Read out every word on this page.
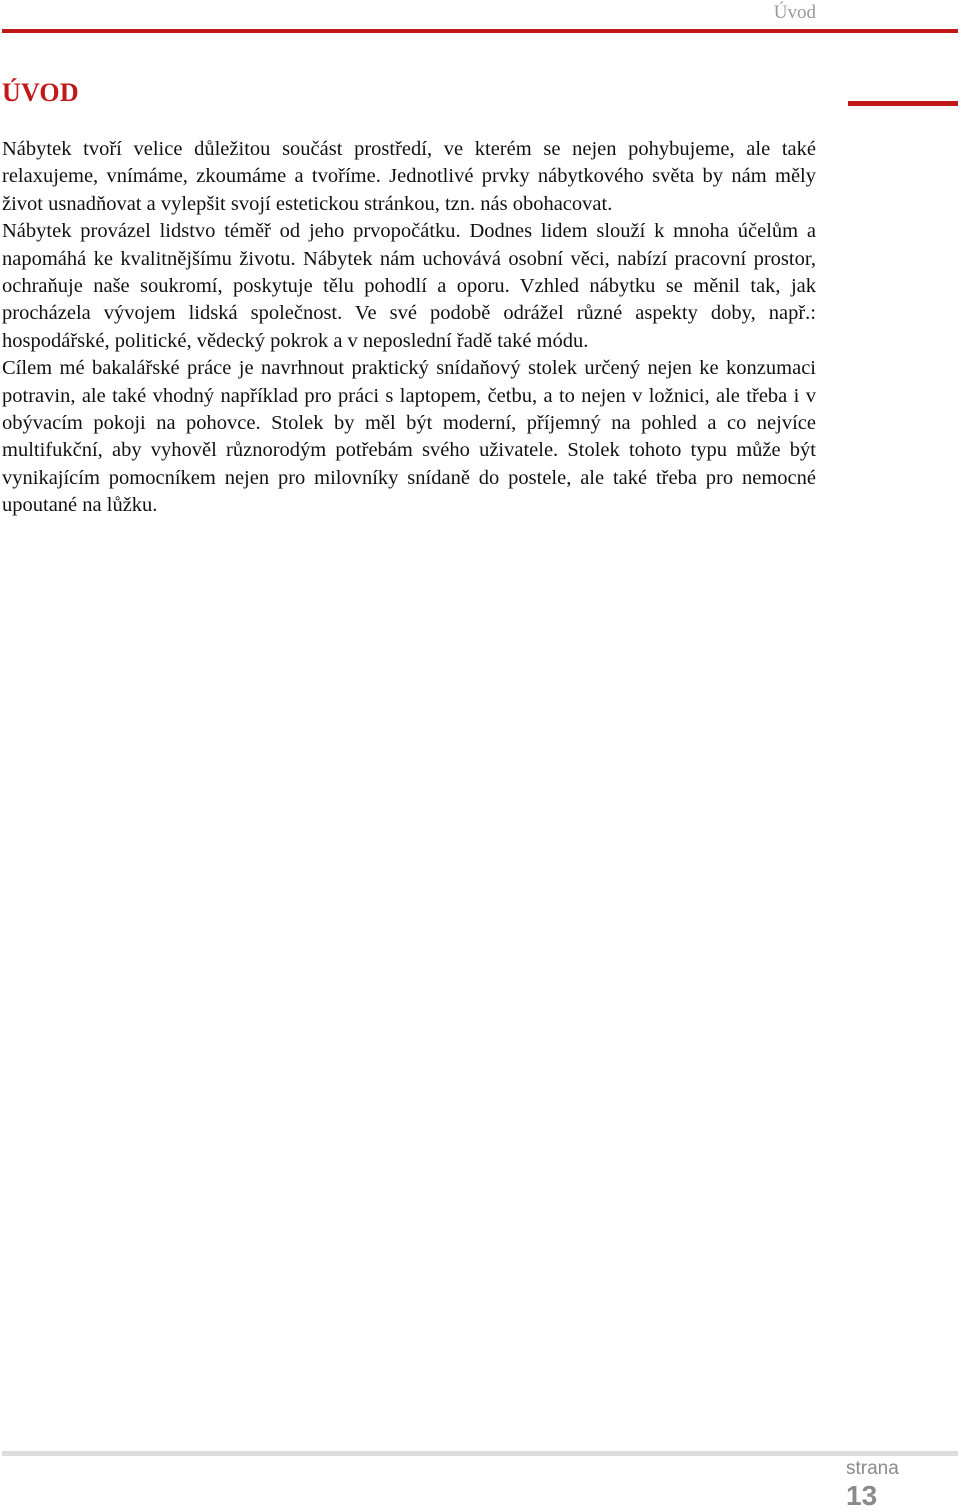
Úvod
ÚVOD

Nábytek tvoří velice důležitou součást prostředí, ve kterém se nejen pohybujeme, ale také relaxujeme, vnímáme, zkoumáme a tvoříme. Jednotlivé prvky nábytkového světa by nám měly život usnadňovat a vylepšit svojí estetickou stránkou, tzn. nás obohacovat.

Nábytek provázel lidstvo téměř od jeho prvopočátku. Dodnes lidem slouží k mnoha účelům a napomáhá ke kvalitnějšímu životu. Nábytek nám uchovává osobní věci, nabízí pracovní prostor, ochraňuje naše soukromí, poskytuje tělu pohodlí a oporu. Vzhled nábytku se měnil tak, jak procházela vývojem lidská společnost. Ve své podobě odrážel různé aspekty doby, např.: hospodářské, politické, vědecký pokrok a v neposlední řadě také módu.

Cílem mé bakalářské práce je navrhnout praktický snídaňový stolek určený nejen ke konzumaci potravin, ale také vhodný například pro práci s laptopem, četbu, a to nejen v ložnici, ale třeba i v obývacím pokoji na pohovce. Stolek by měl být moderní, příjemný na pohled a co nejvíce multifukční, aby vyhověl různorodým potřebám svého uživatele. Stolek tohoto typu může být vynikajícím pomocníkem nejen pro milovníky snídaně do postele, ale také třeba pro nemocné upoutané na lůžku.

strana
13
